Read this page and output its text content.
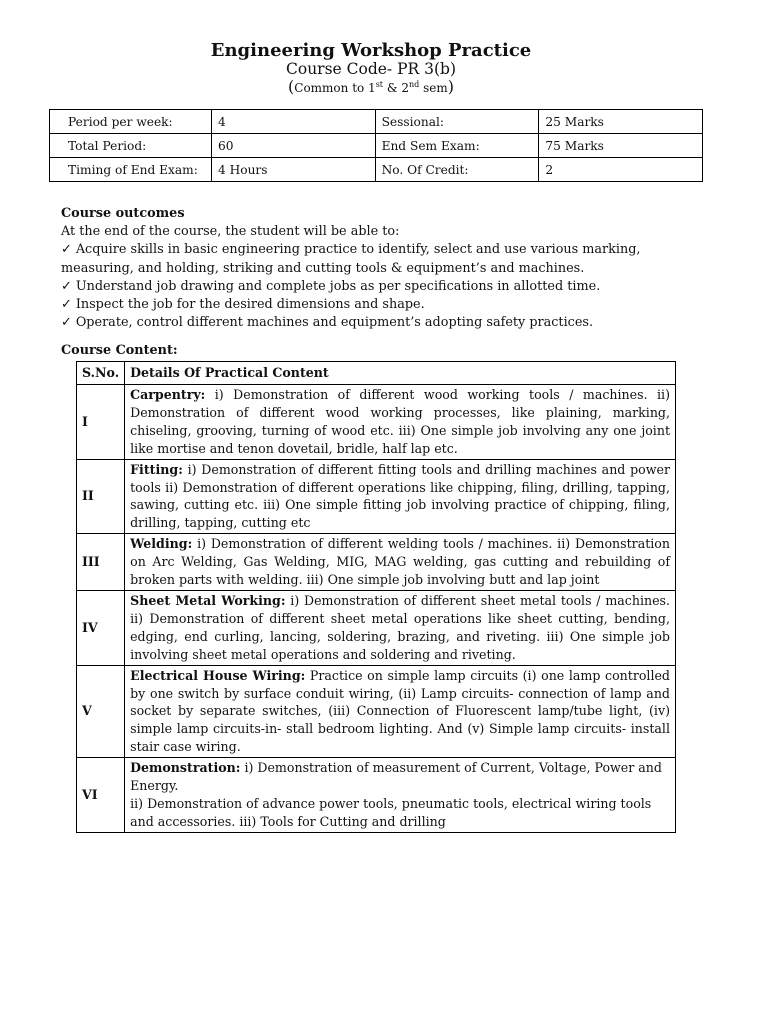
Engineering Workshop Practice
Course Code- PR 3(b)
(Common to 1st & 2nd sem)
Period per week:	4	Sessional:	25 Marks
Total Period:	60	End Sem Exam:	75 Marks
Timing of End Exam:	4 Hours	No. Of Credit:	2
Course outcomes
At the end of the course, the student will be able to:
✓ Acquire skills in basic engineering practice to identify, select and use various marking, measuring, and holding, striking and cutting tools & equipment’s and machines.
✓ Understand job drawing and complete jobs as per specifications in allotted time.
✓ Inspect the job for the desired dimensions and shape.
✓ Operate, control different machines and equipment’s adopting safety practices.
Course Content:
S.No.	Details Of Practical Content
I	Carpentry: i) Demonstration of different wood working tools / machines. ii) Demonstration of different wood working processes, like plaining, marking, chiseling, grooving, turning of wood etc. iii) One simple job involving any one joint like mortise and tenon dovetail, bridle, half lap etc.
II	Fitting: i) Demonstration of different fitting tools and drilling machines and power tools ii) Demonstration of different operations like chipping, filing, drilling, tapping, sawing, cutting etc. iii) One simple fitting job involving practice of chipping, filing, drilling, tapping, cutting etc
III	Welding: i) Demonstration of different welding tools / machines. ii) Demonstration on Arc Welding, Gas Welding, MIG, MAG welding, gas cutting and rebuilding of broken parts with welding. iii) One simple job involving butt and lap joint
IV	Sheet Metal Working: i) Demonstration of different sheet metal tools / machines. ii) Demonstration of different sheet metal operations like sheet cutting, bending, edging, end curling, lancing, soldering, brazing, and riveting. iii) One simple job involving sheet metal operations and soldering and riveting.
V	Electrical House Wiring: Practice on simple lamp circuits (i) one lamp controlled by one switch by surface conduit wiring, (ii) Lamp circuits- connection of lamp and socket by separate switches, (iii) Connection of Fluorescent lamp/tube light, (iv) simple lamp circuits-in- stall bedroom lighting. And (v) Simple lamp circuits- install stair case wiring.
VI	Demonstration: i) Demonstration of measurement of Current, Voltage, Power and Energy.
ii) Demonstration of advance power tools, pneumatic tools, electrical wiring tools and accessories. iii) Tools for Cutting and drilling
